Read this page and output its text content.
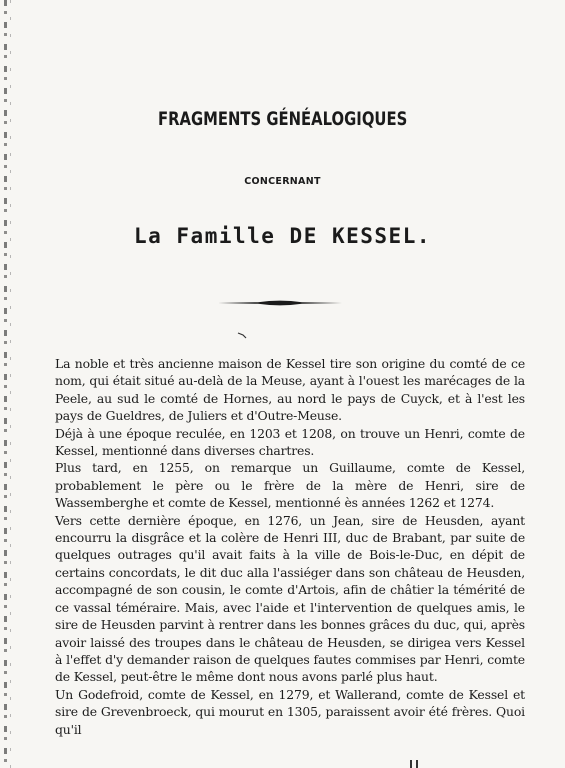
FRAGMENTS GÉNÉALOGIQUES
CONCERNANT
La Famille DE KESSEL.

La noble et très ancienne maison de Kessel tire son origine du comté de ce nom, qui était situé au-delà de la Meuse, ayant à l'ouest les marécages de la Peele, au sud le comté de Hornes, au nord le pays de Cuyck, et à l'est les pays de Gueldres, de Juliers et d'Outre-Meuse.

Déjà à une époque reculée, en 1203 et 1208, on trouve un Henri, comte de Kessel, mentionné dans diverses chartres.

Plus tard, en 1255, on remarque un Guillaume, comte de Kessel, probablement le père ou le frère de la mère de Henri, sire de Wassemberghe et comte de Kessel, mentionné ès années 1262 et 1274.

Vers cette dernière époque, en 1276, un Jean, sire de Heusden, ayant encourru la disgrâce et la colère de Henri III, duc de Brabant, par suite de quelques outrages qu'il avait faits à la ville de Bois-le-Duc, en dépit de certains concordats, le dit duc alla l'assiéger dans son château de Heusden, accompagné de son cousin, le comte d'Artois, afin de châtier la témérité de ce vassal téméraire. Mais, avec l'aide et l'intervention de quelques amis, le sire de Heusden parvint à rentrer dans les bonnes grâces du duc, qui, après avoir laissé des troupes dans le château de Heusden, se dirigea vers Kessel à l'effet d'y demander raison de quelques fautes commises par Henri, comte de Kessel, peut-être le même dont nous avons parlé plus haut.

Un Godefroid, comte de Kessel, en 1279, et Wallerand, comte de Kessel et sire de Grevenbroeck, qui mourut en 1305, paraissent avoir été frères. Quoi qu'il
